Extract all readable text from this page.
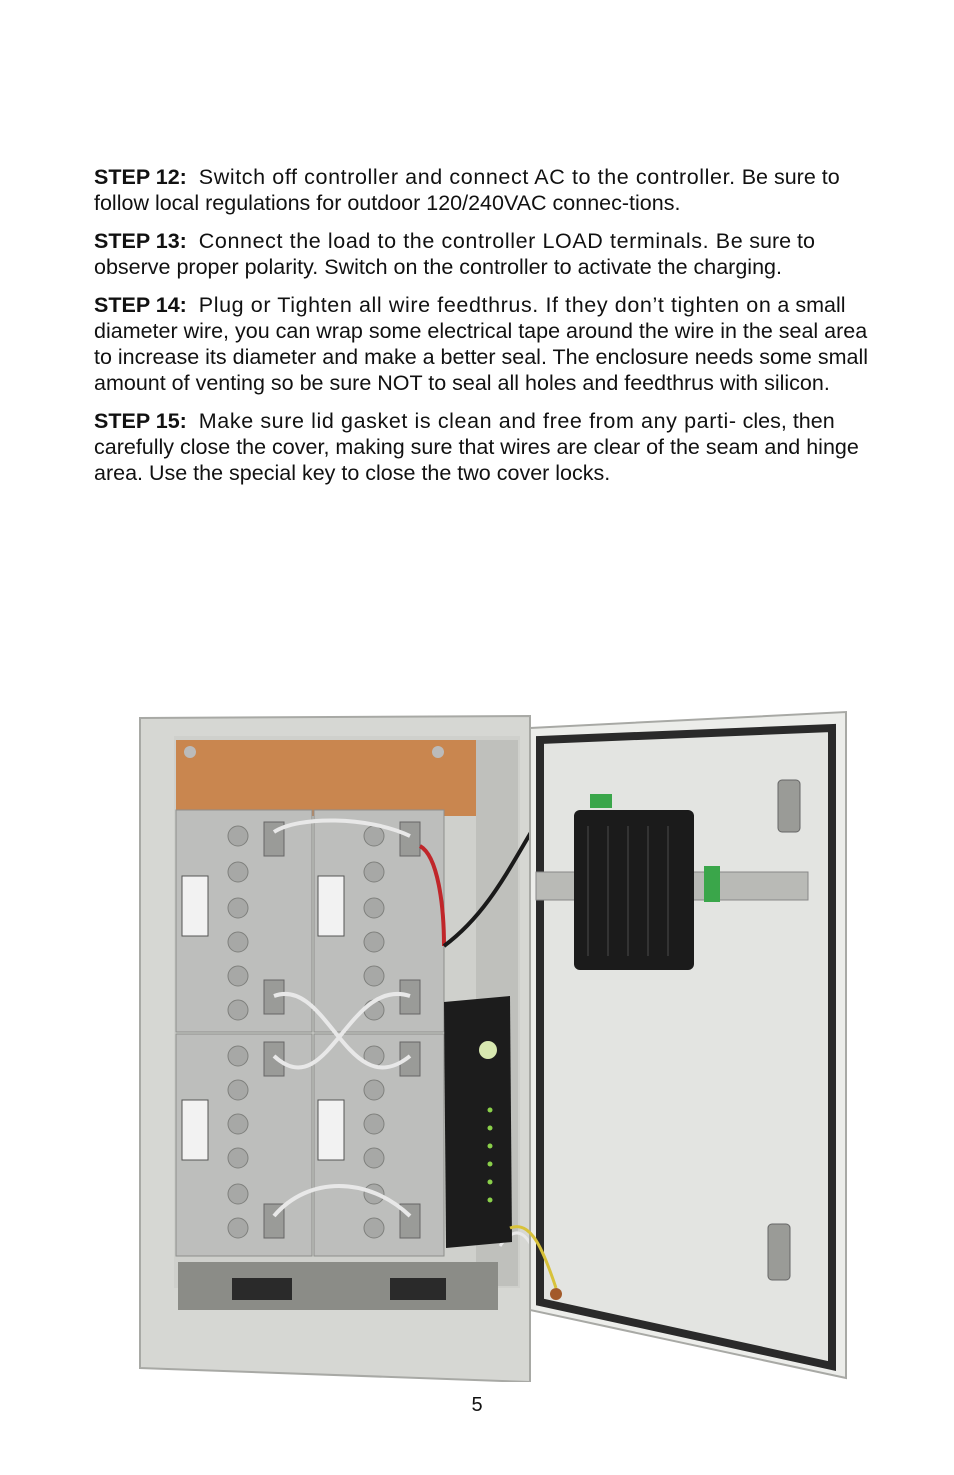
STEP 12: Switch off controller and connect AC to the controller. Be sure to follow local regulations for outdoor 120/240VAC connec-tions.

STEP 13: Connect the load to the controller LOAD terminals. Be sure to observe proper polarity. Switch on the controller to activate the charging.

STEP 14: Plug or Tighten all wire feedthrus. If they don’t tighten on a small diameter wire, you can wrap some electrical tape around the wire in the seal area to increase its diameter and make a better seal. The enclosure needs some small amount of venting so be sure NOT to seal all holes and feedthrus with silicon.

STEP 15: Make sure lid gasket is clean and free from any parti- cles, then carefully close the cover, making sure that wires are clear of the seam and hinge area. Use the special key to close the two cover locks.

5
